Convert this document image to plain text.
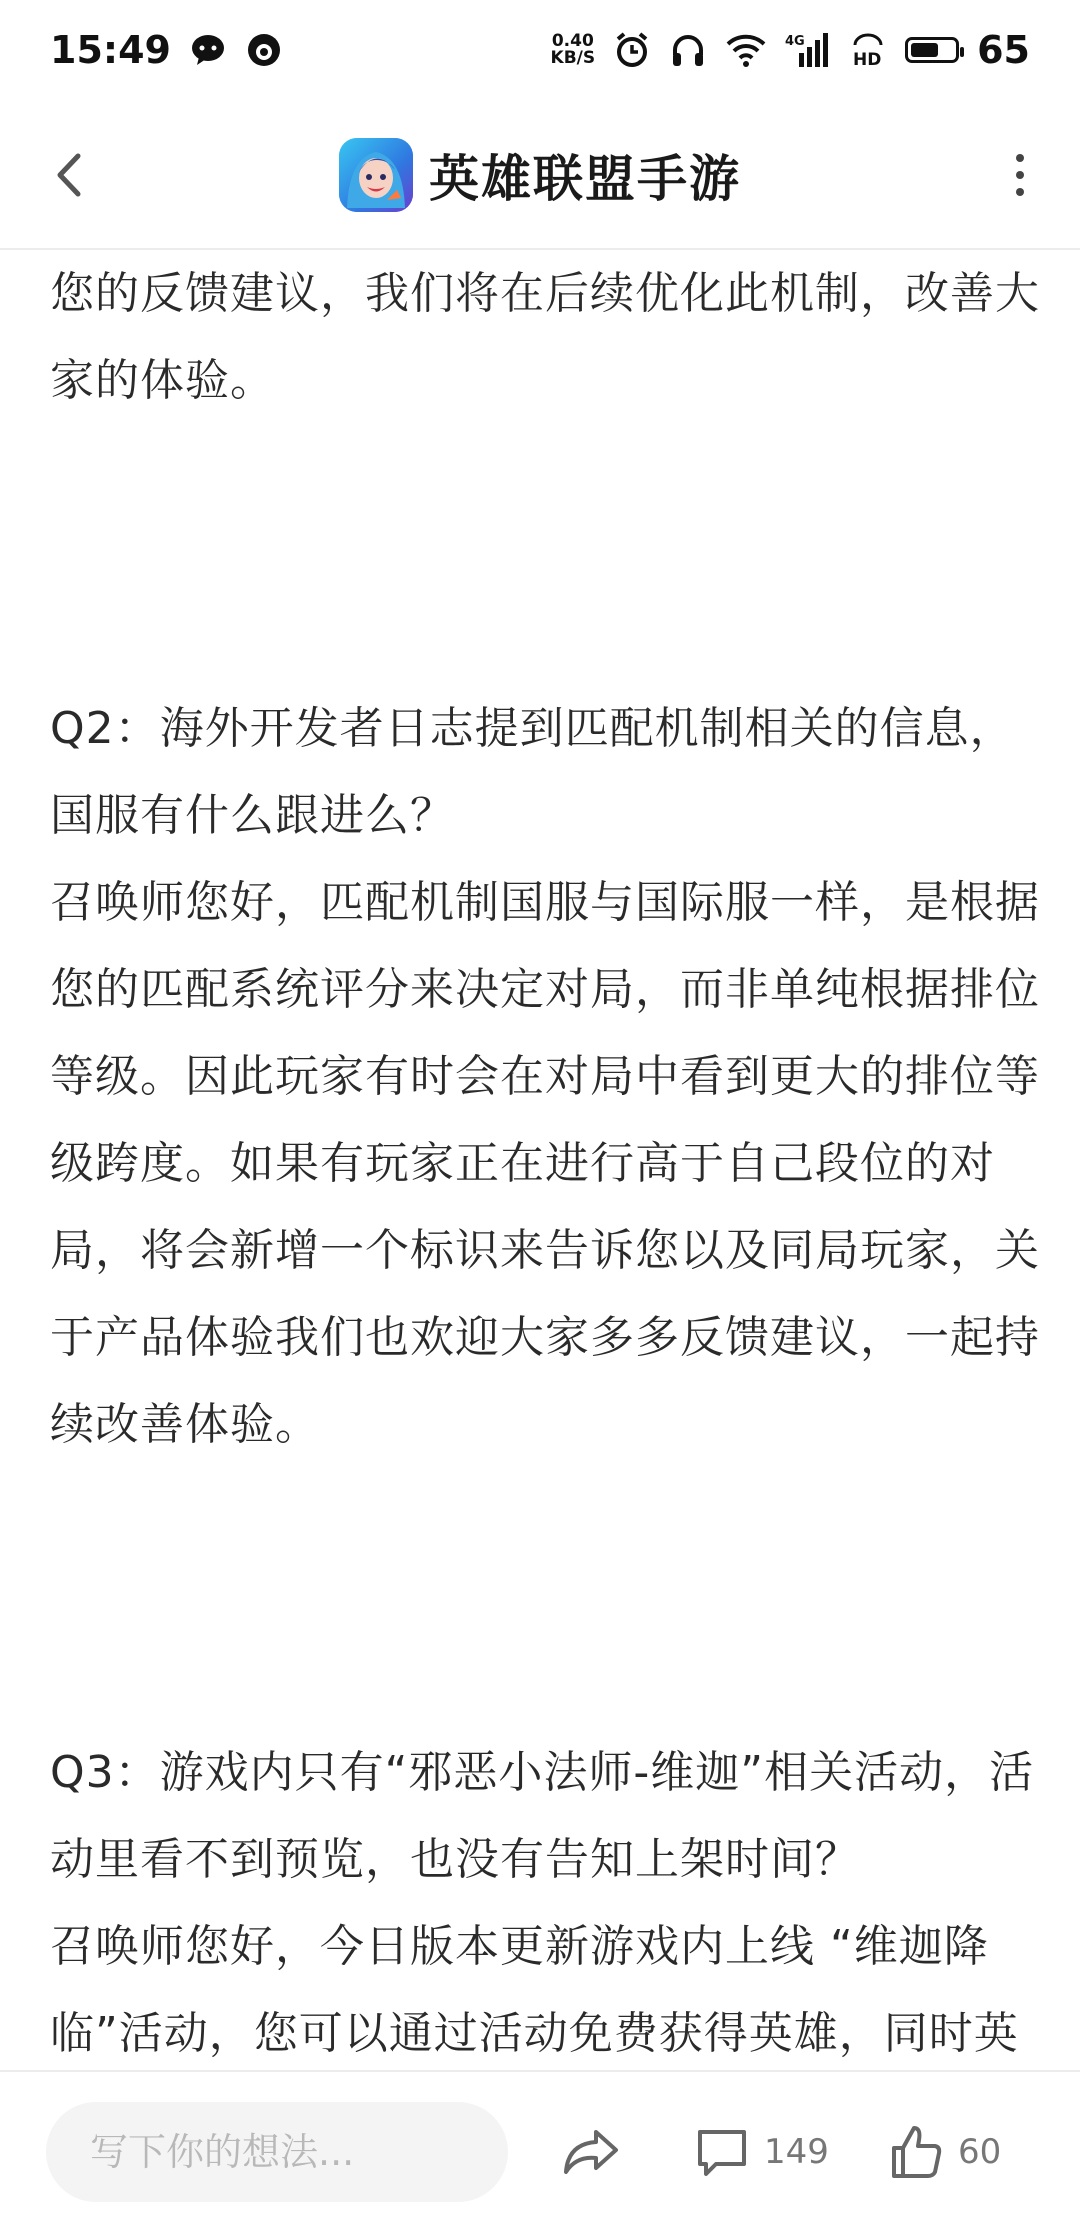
15:49	0.40
KB/S
4G
HD	65
英雄联盟手游

您的反馈建议，我们将在后续优化此机制，改善大家的体验。

Q2：海外开发者日志提到匹配机制相关的信息，国服有什么跟进么？

召唤师您好，匹配机制国服与国际服一样，是根据您的匹配系统评分来决定对局，而非单纯根据排位等级。因此玩家有时会在对局中看到更大的排位等级跨度。如果有玩家正在进行高于自己段位的对局，将会新增一个标识来告诉您以及同局玩家，关于产品体验我们也欢迎大家多多反馈建议，一起持续改善体验。

Q3：游戏内只有“邪恶小法师-维迦”相关活动，活动里看不到预览，也没有告知上架时间？

召唤师您好，今日版本更新游戏内上线 “维迦降临”活动，您可以通过活动免费获得英雄，同时英

写下你的想法...	149	60
